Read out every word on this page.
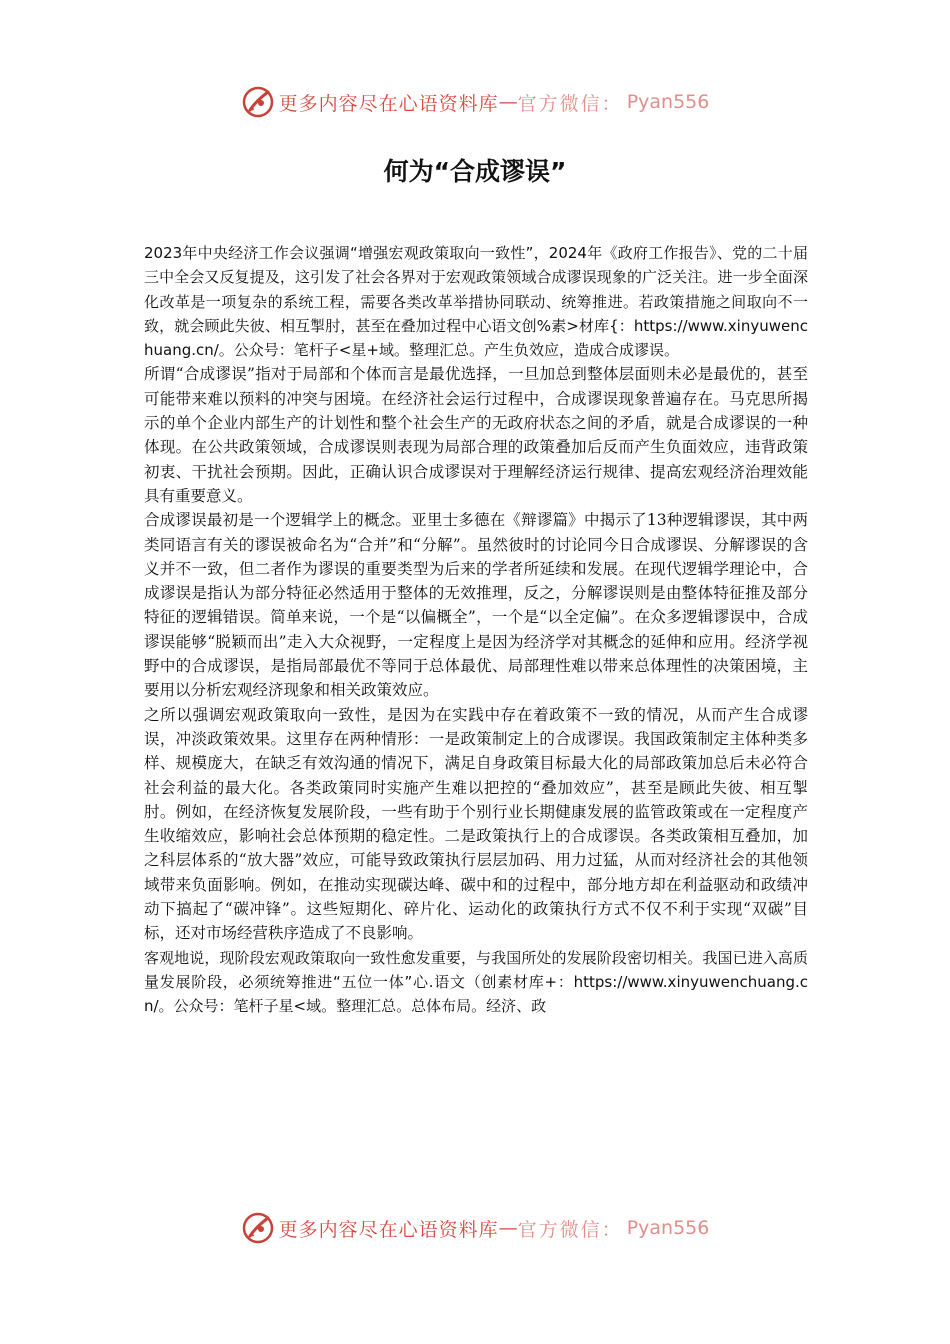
更多内容尽在心语资料库 — 官方微信： Pyan556
何为“合成谬误”

2023年中央经济工作会议强调“增强宏观政策取向一致性”，2024年《政府工作报告》、党的二十届三中全会又反复提及，这引发了社会各界对于宏观政策领域合成谬误现象的广泛关注。进一步全面深化改革是一项复杂的系统工程，需要各类改革举措协同联动、统筹推进。若政策措施之间取向不一致，就会顾此失彼、相互掣肘，甚至在叠加过程中心语文创%素>材库{：https://www.xinyuwenchuang.cn/。公众号：笔杆子<星+域。整理汇总。产生负效应，造成合成谬误。

所谓“合成谬误”指对于局部和个体而言是最优选择，一旦加总到整体层面则未必是最优的，甚至可能带来难以预料的冲突与困境。在经济社会运行过程中，合成谬误现象普遍存在。马克思所揭示的单个企业内部生产的计划性和整个社会生产的无政府状态之间的矛盾，就是合成谬误的一种体现。在公共政策领域，合成谬误则表现为局部合理的政策叠加后反而产生负面效应，违背政策初衷、干扰社会预期。因此，正确认识合成谬误对于理解经济运行规律、提高宏观经济治理效能具有重要意义。

合成谬误最初是一个逻辑学上的概念。亚里士多德在《辩谬篇》中揭示了13种逻辑谬误，其中两类同语言有关的谬误被命名为“合并”和“分解”。虽然彼时的讨论同今日合成谬误、分解谬误的含义并不一致，但二者作为谬误的重要类型为后来的学者所延续和发展。在现代逻辑学理论中，合成谬误是指认为部分特征必然适用于整体的无效推理，反之，分解谬误则是由整体特征推及部分特征的逻辑错误。简单来说，一个是“以偏概全”，一个是“以全定偏”。在众多逻辑谬误中，合成谬误能够“脱颖而出”走入大众视野，一定程度上是因为经济学对其概念的延伸和应用。经济学视野中的合成谬误，是指局部最优不等同于总体最优、局部理性难以带来总体理性的决策困境，主要用以分析宏观经济现象和相关政策效应。

之所以强调宏观政策取向一致性，是因为在实践中存在着政策不一致的情况，从而产生合成谬误，冲淡政策效果。这里存在两种情形：一是政策制定上的合成谬误。我国政策制定主体种类多样、规模庞大，在缺乏有效沟通的情况下，满足自身政策目标最大化的局部政策加总后未必符合社会利益的最大化。各类政策同时实施产生难以把控的“叠加效应”，甚至是顾此失彼、相互掣肘。例如，在经济恢复发展阶段，一些有助于个别行业长期健康发展的监管政策或在一定程度产生收缩效应，影响社会总体预期的稳定性。二是政策执行上的合成谬误。各类政策相互叠加，加之科层体系的“放大器”效应，可能导致政策执行层层加码、用力过猛，从而对经济社会的其他领域带来负面影响。例如，在推动实现碳达峰、碳中和的过程中，部分地方却在利益驱动和政绩冲动下搞起了“碳冲锋”。这些短期化、碎片化、运动化的政策执行方式不仅不利于实现“双碳”目标，还对市场经营秩序造成了不良影响。

客观地说，现阶段宏观政策取向一致性愈发重要，与我国所处的发展阶段密切相关。我国已进入高质量发展阶段，必须统筹推进“五位一体”心.语文（创素材库+：https://www.xinyuwenchuang.cn/。公众号：笔杆子星<域。整理汇总。总体布局。经济、政

更多内容尽在心语资料库 — 官方微信： Pyan556
